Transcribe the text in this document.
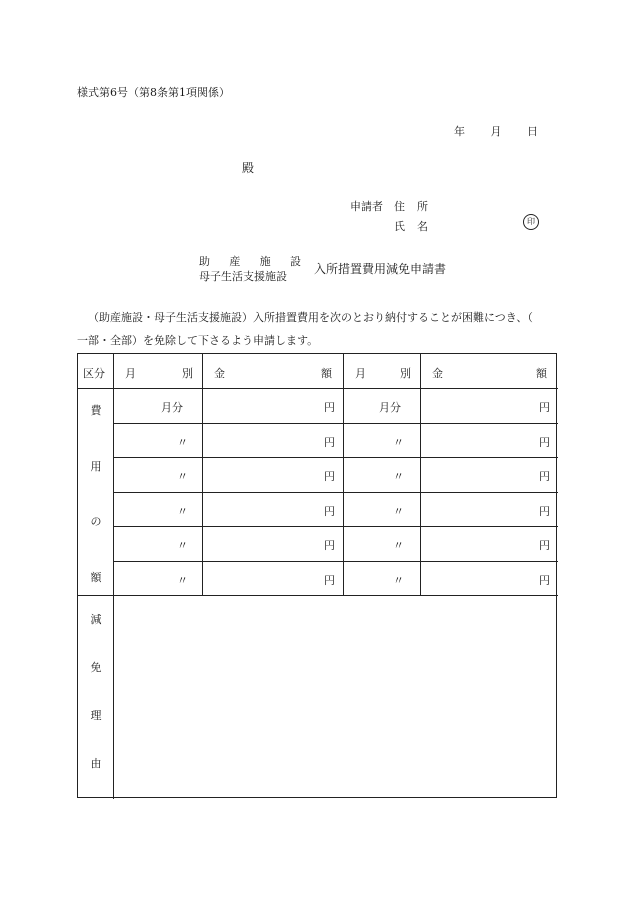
様式第6号（第8条第1項関係）
年 月 日
殿
申請者 住所
氏名	印
助 産 施 設
母子生活支援施設
入所措置費用減免申請書
（助産施設・母子生活支援施設）入所措置費用を次のとおり納付することが困難につき、（
一部・全部）を免除して下さるよう申請します。
区分 月	別 金	額 月	別 金	額
費
用
の
額
月分	円	月分	円
〃	円	〃	円
〃	円	〃	円
〃	円	〃	円
〃	円	〃	円
〃	円	〃	円
減
免
理
由
